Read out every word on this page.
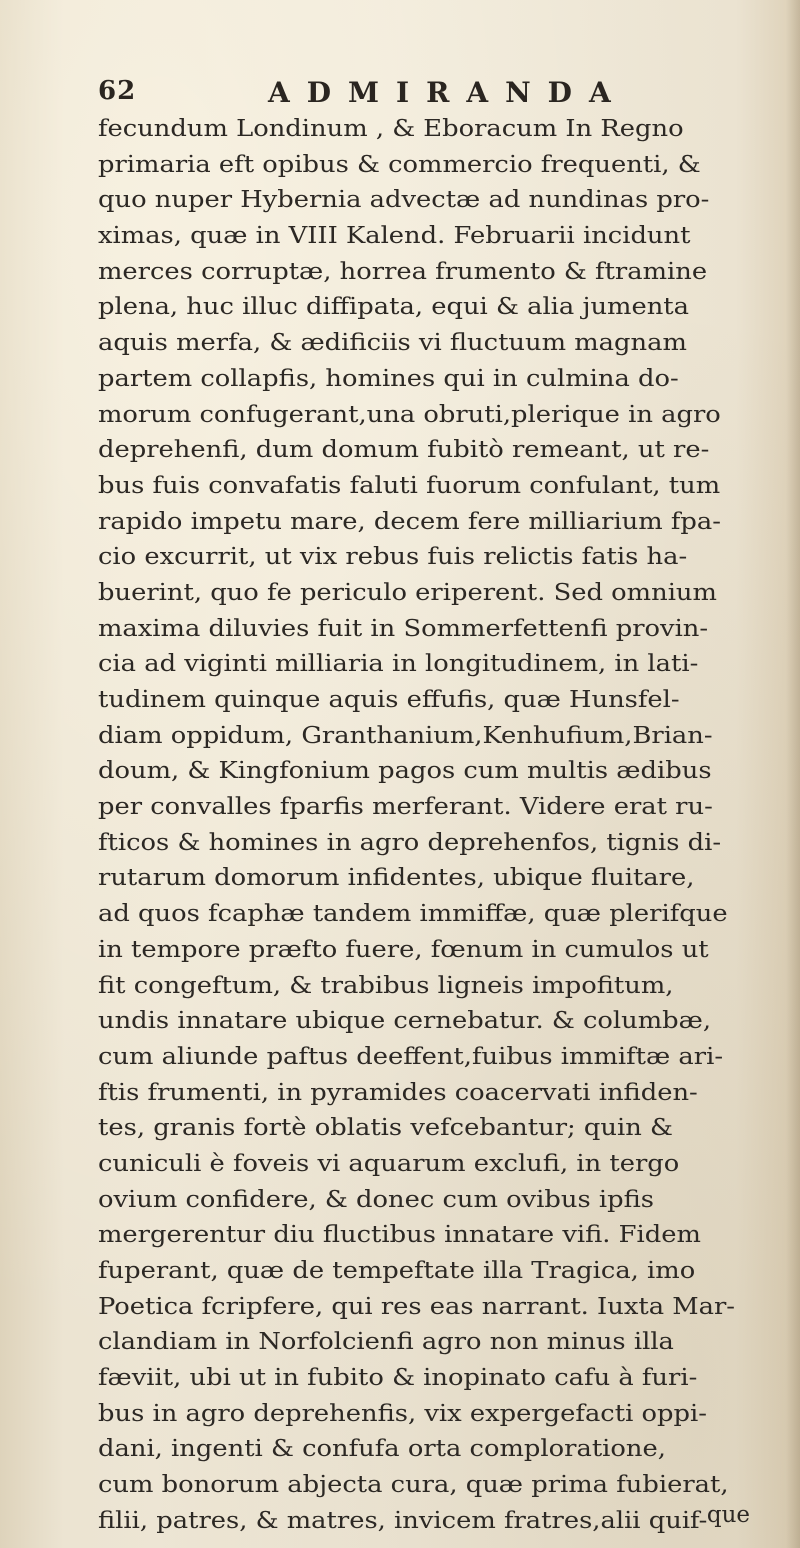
62	ADMIRANDA
fecundum Londinum , & Eboracum In Regno
primaria eft opibus & commercio frequenti, &
quo nuper Hybernia advectæ ad nundinas pro-
ximas, quæ in VIII Kalend. Februarii incidunt
merces corruptæ, horrea frumento & ftramine
plena, huc illuc diffipata, equi & alia jumenta
aquis merfa, & ædificiis vi fluctuum magnam
partem collapfis, homines qui in culmina do-
morum confugerant,una obruti,plerique in agro
deprehenfi, dum domum fubitò remeant, ut re-
bus fuis convafatis faluti fuorum confulant, tum
rapido impetu mare, decem fere milliarium fpa-
cio excurrit, ut vix rebus fuis relictis fatis ha-
buerint, quo fe periculo eriperent. Sed omnium
maxima diluvies fuit in Sommerfettenfi provin-
cia ad viginti milliaria in longitudinem, in lati-
tudinem quinque aquis effufis, quæ Hunsfel-
diam oppidum, Granthanium,Kenhufium,Brian-
doum, & Kingfonium pagos cum multis ædibus
per convalles fparfis merferant. Videre erat ru-
fticos & homines in agro deprehenfos, tignis di-
rutarum domorum infidentes, ubique fluitare,
ad quos fcaphæ tandem immiffæ, quæ plerifque
in tempore præfto fuere, fœnum in cumulos ut
fit congeftum, & trabibus ligneis impofitum,
undis innatare ubique cernebatur. & columbæ,
cum aliunde paftus deeffent,fuibus immiftæ ari-
ftis frumenti, in pyramides coacervati infiden-
tes, granis fortè oblatis vefcebantur; quin &
cuniculi è foveis vi aquarum exclufi, in tergo
ovium confidere, & donec cum ovibus ipfis
mergerentur diu fluctibus innatare vifi. Fidem
fuperant, quæ de tempeftate illa Tragica, imo
Poetica fcripfere, qui res eas narrant. Iuxta Mar-
clandiam in Norfolcienfi agro non minus illa
fæviit, ubi ut in fubito & inopinato cafu à furi-
bus in agro deprehenfis, vix expergefacti oppi-
dani, ingenti & confufa orta comploratione,
cum bonorum abjecta cura, quæ prima fubierat,
filii, patres, & matres, invicem fratres,alii quif- que
